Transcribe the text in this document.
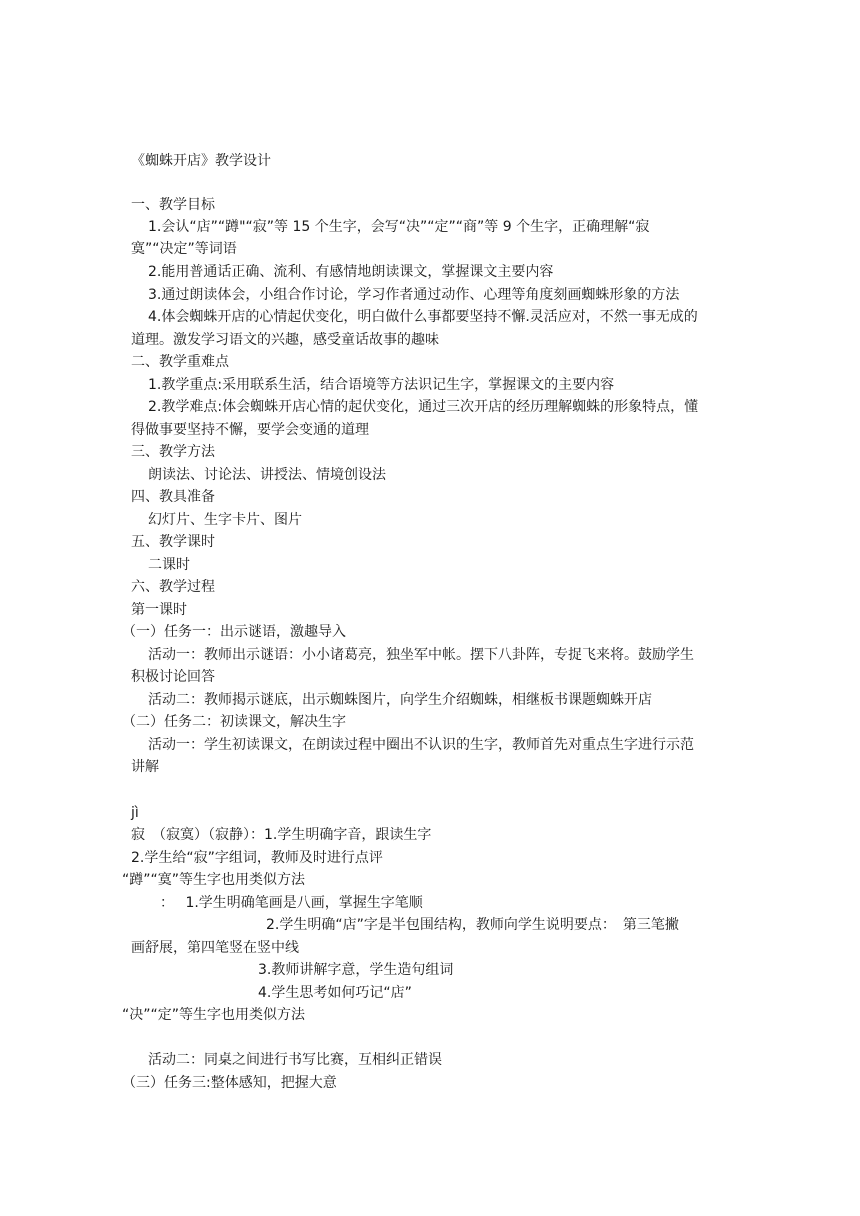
《蜘蛛开店》教学设计
一、教学目标
1.会认“店”“蹲"“寂”等 15 个生字，会写“决”“定”“商”等 9 个生字，正确理解“寂
寞”“决定”等词语
2.能用普通话正确、流利、有感情地朗读课文，掌握课文主要内容
3.通过朗读体会，小组合作讨论，学习作者通过动作、心理等角度刻画蜘蛛形象的方法
4.体会蜘蛛开店的心情起伏变化，明白做什么事都要坚持不懈.灵活应对，不然一事无成的
道理。激发学习语文的兴趣，感受童话故事的趣味
二、教学重难点
1.教学重点:采用联系生活，结合语境等方法识记生字，掌握课文的主要内容
2.教学难点:体会蜘蛛开店心情的起伏变化，通过三次开店的经历理解蜘蛛的形象特点，懂
得做事要坚持不懈，要学会变通的道理
三、教学方法
朗读法、讨论法、讲授法、情境创设法
四、教具准备
幻灯片、生字卡片、图片
五、教学课时
二课时
六、教学过程
第一课时
（一）任务一：出示谜语，激趣导入
活动一：教师出示谜语：小小诸葛亮，独坐军中帐。摆下八卦阵，专捉飞来将。鼓励学生
积极讨论回答
活动二：教师揭示谜底，出示蜘蛛图片，向学生介绍蜘蛛，相继板书课题蜘蛛开店
（二）任务二：初读课文，解决生字
活动一：学生初读课文，在朗读过程中圈出不认识的生字，教师首先对重点生字进行示范
讲解
jì
寂　（寂寞）（寂静）：1.学生明确字音，跟读生字
2.学生给“寂”字组词，教师及时进行点评
“蹲”“寞”等生字也用类似方法
：　 1.学生明确笔画是八画，掌握生字笔顺
2.学生明确“店”字是半包围结构，教师向学生说明要点：　第三笔撇
画舒展，第四笔竖在竖中线
3.教师讲解字意，学生造句组词
4.学生思考如何巧记“店”
“决”“定”等生字也用类似方法
活动二：同桌之间进行书写比赛，互相纠正错误
（三）任务三:整体感知，把握大意
